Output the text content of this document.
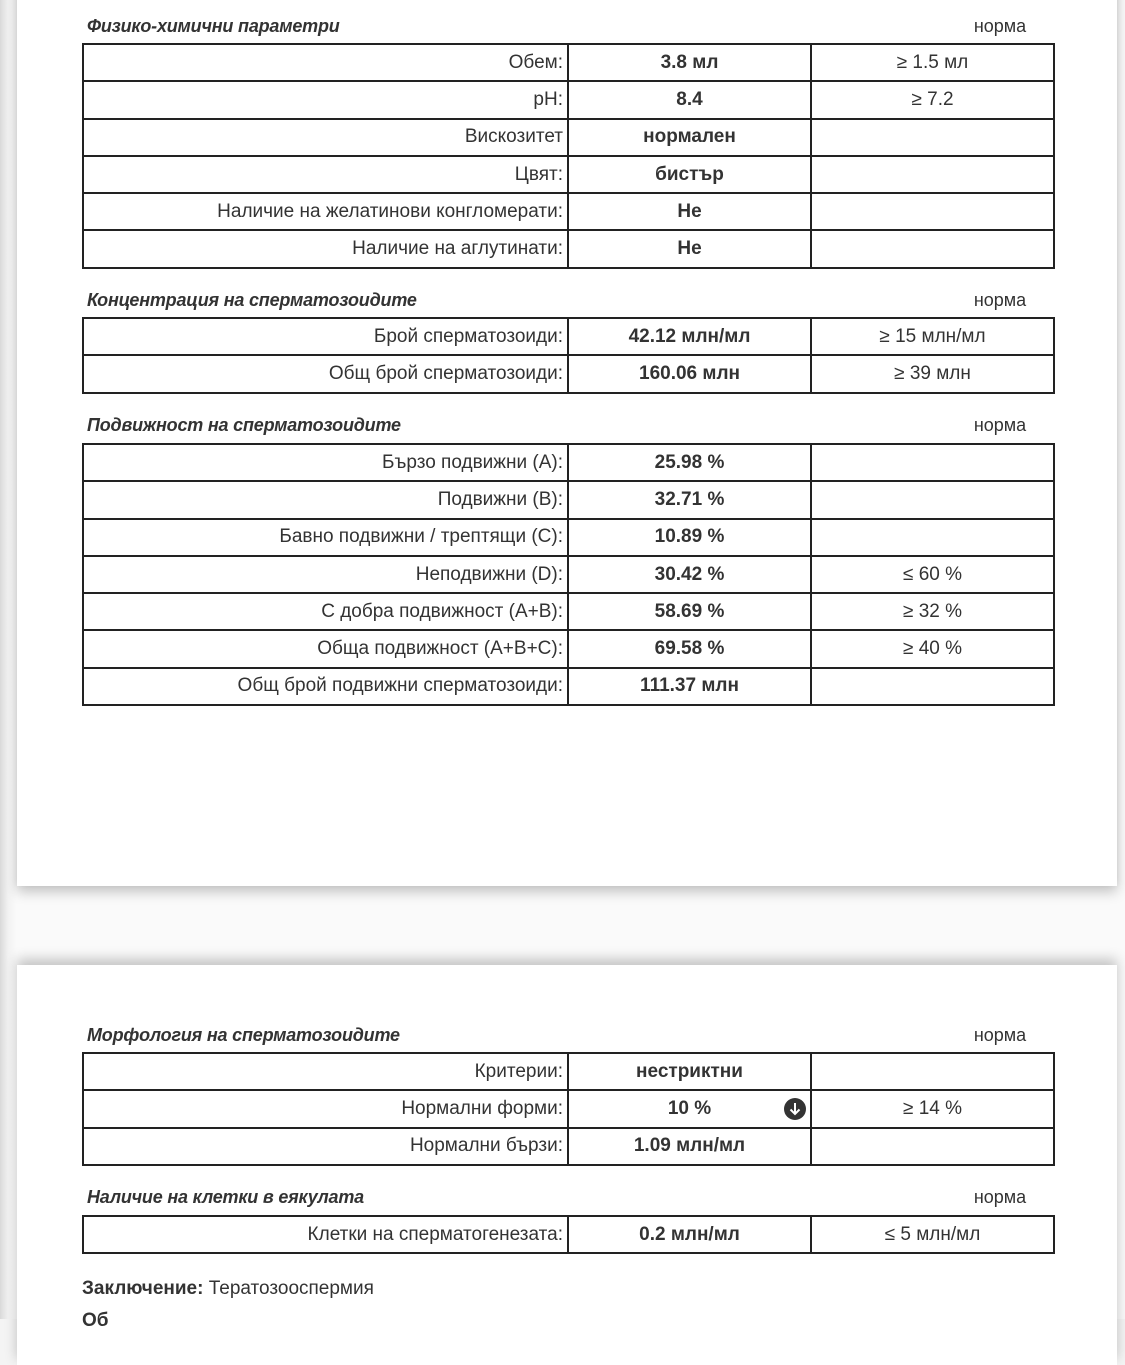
Физико-химични параметри	норма
Обем:	3.8 мл	≥ 1.5 мл
pH:	8.4	≥ 7.2
Вискозитет	нормален	
Цвят:	бистър	
Наличие на желатинови конгломерати:	Не	
Наличие на аглутинати:	Не	
Концентрация на сперматозоидите	норма
Брой сперматозоиди:	42.12 млн/мл	≥ 15 млн/мл
Общ брой сперматозоиди:	160.06 млн	≥ 39 млн
Подвижност на сперматозоидите	норма
Бързо подвижни (A):	25.98 %	
Подвижни (B):	32.71 %	
Бавно подвижни / трептящи (C):	10.89 %	
Неподвижни (D):	30.42 %	≤ 60 %
С добра подвижност (A+B):	58.69 %	≥ 32 %
Обща подвижност (A+B+C):	69.58 %	≥ 40 %
Общ брой подвижни сперматозоиди:	111.37 млн	
Морфология на сперматозоидите	норма
Критерии:	нестриктни	
Нормални форми:	10 %	≥ 14 %
Нормални бързи:	1.09 млн/мл	
Наличие на клетки в еякулата	норма
Клетки на сперматогенезата:	0.2 млн/мл	≤ 5 млн/мл
Заключение: Тератозооспермия
Об
